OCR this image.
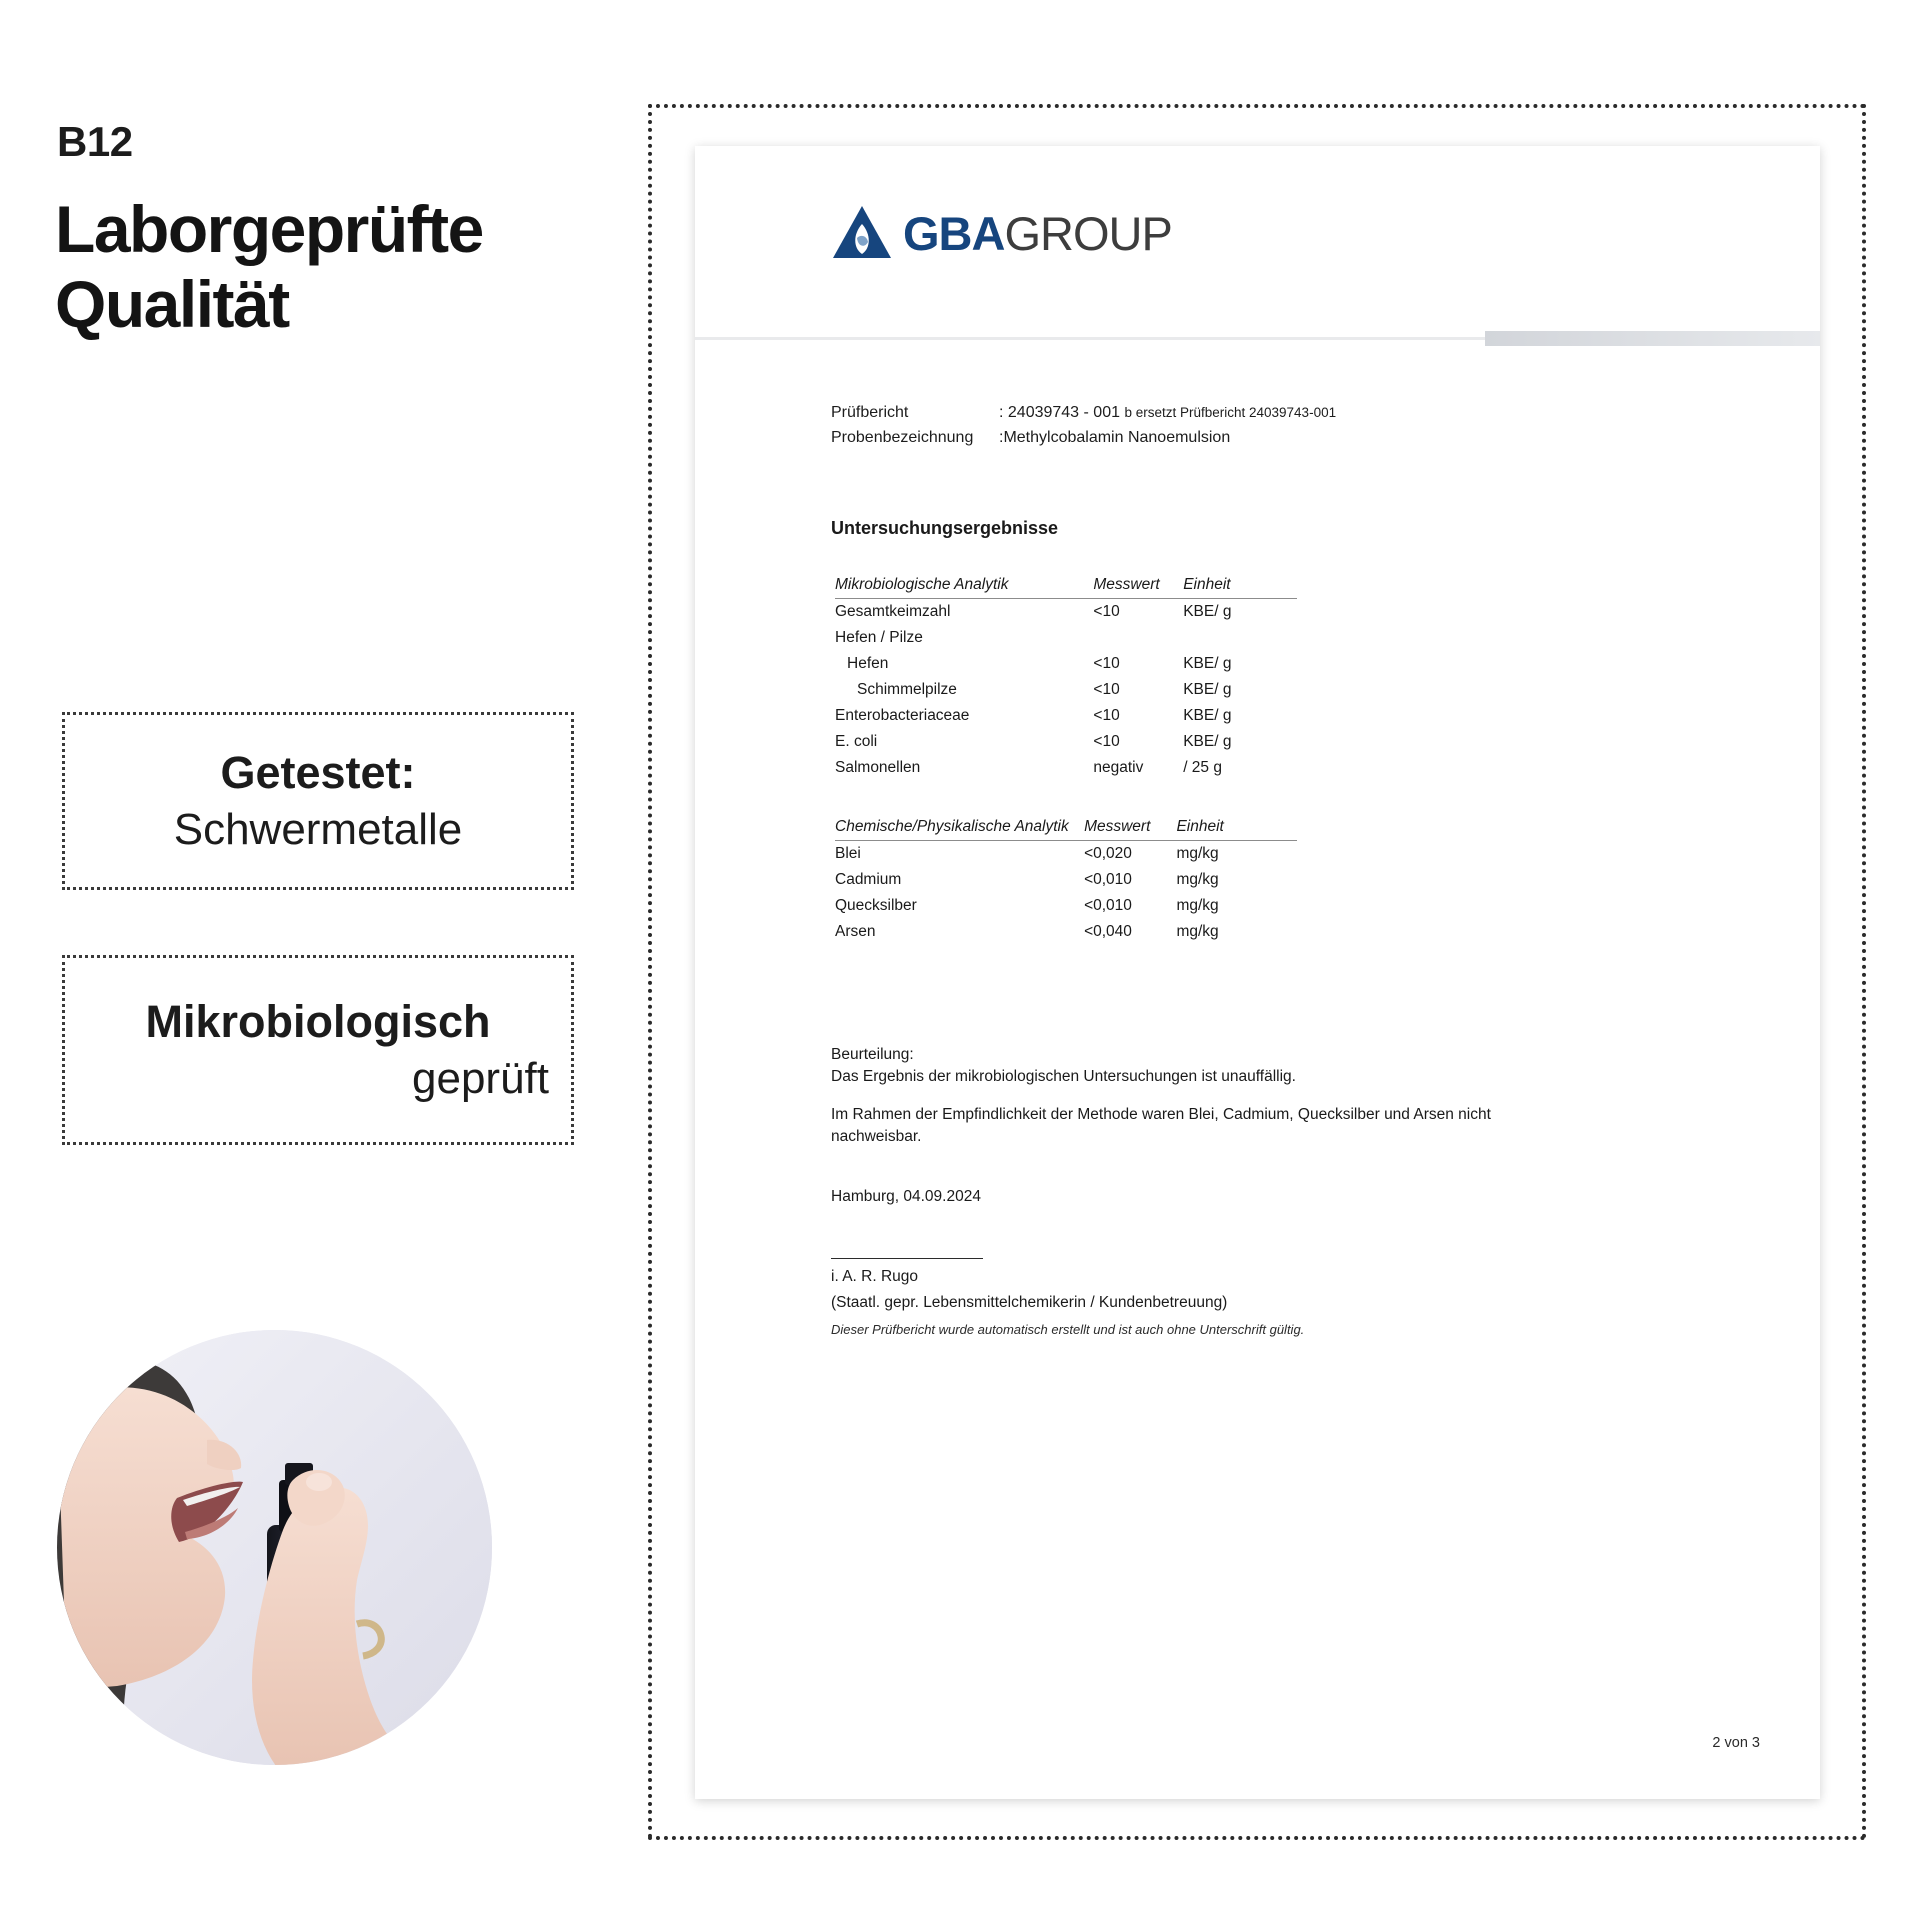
B12
Laborgeprüfte Qualität
Getestet:
Schwermetalle
Mikrobiologisch
geprüft
GBAGROUP
Prüfbericht	: 24039743 - 001 b ersetzt Prüfbericht 24039743-001
Probenbezeichnung	:Methylcobalamin Nanoemulsion
Untersuchungsergebnisse
Mikrobiologische Analytik	Messwert	Einheit
Gesamtkeimzahl	<10	KBE/ g
Hefen / Pilze		
Hefen	<10	KBE/ g
Schimmelpilze	<10	KBE/ g
Enterobacteriaceae	<10	KBE/ g
E. coli	<10	KBE/ g
Salmonellen	negativ	/ 25 g
Chemische/Physikalische Analytik	Messwert	Einheit
Blei	<0,020	mg/kg
Cadmium	<0,010	mg/kg
Quecksilber	<0,010	mg/kg
Arsen	<0,040	mg/kg

Beurteilung:

Das Ergebnis der mikrobiologischen Untersuchungen ist unauffällig.

Im Rahmen der Empfindlichkeit der Methode waren Blei, Cadmium, Quecksilber und Arsen nicht nachweisbar.

Hamburg, 04.09.2024
i. A. R. Rugo
(Staatl. gepr. Lebensmittelchemikerin / Kundenbetreuung)
Dieser Prüfbericht wurde automatisch erstellt und ist auch ohne Unterschrift gültig.
2 von 3
